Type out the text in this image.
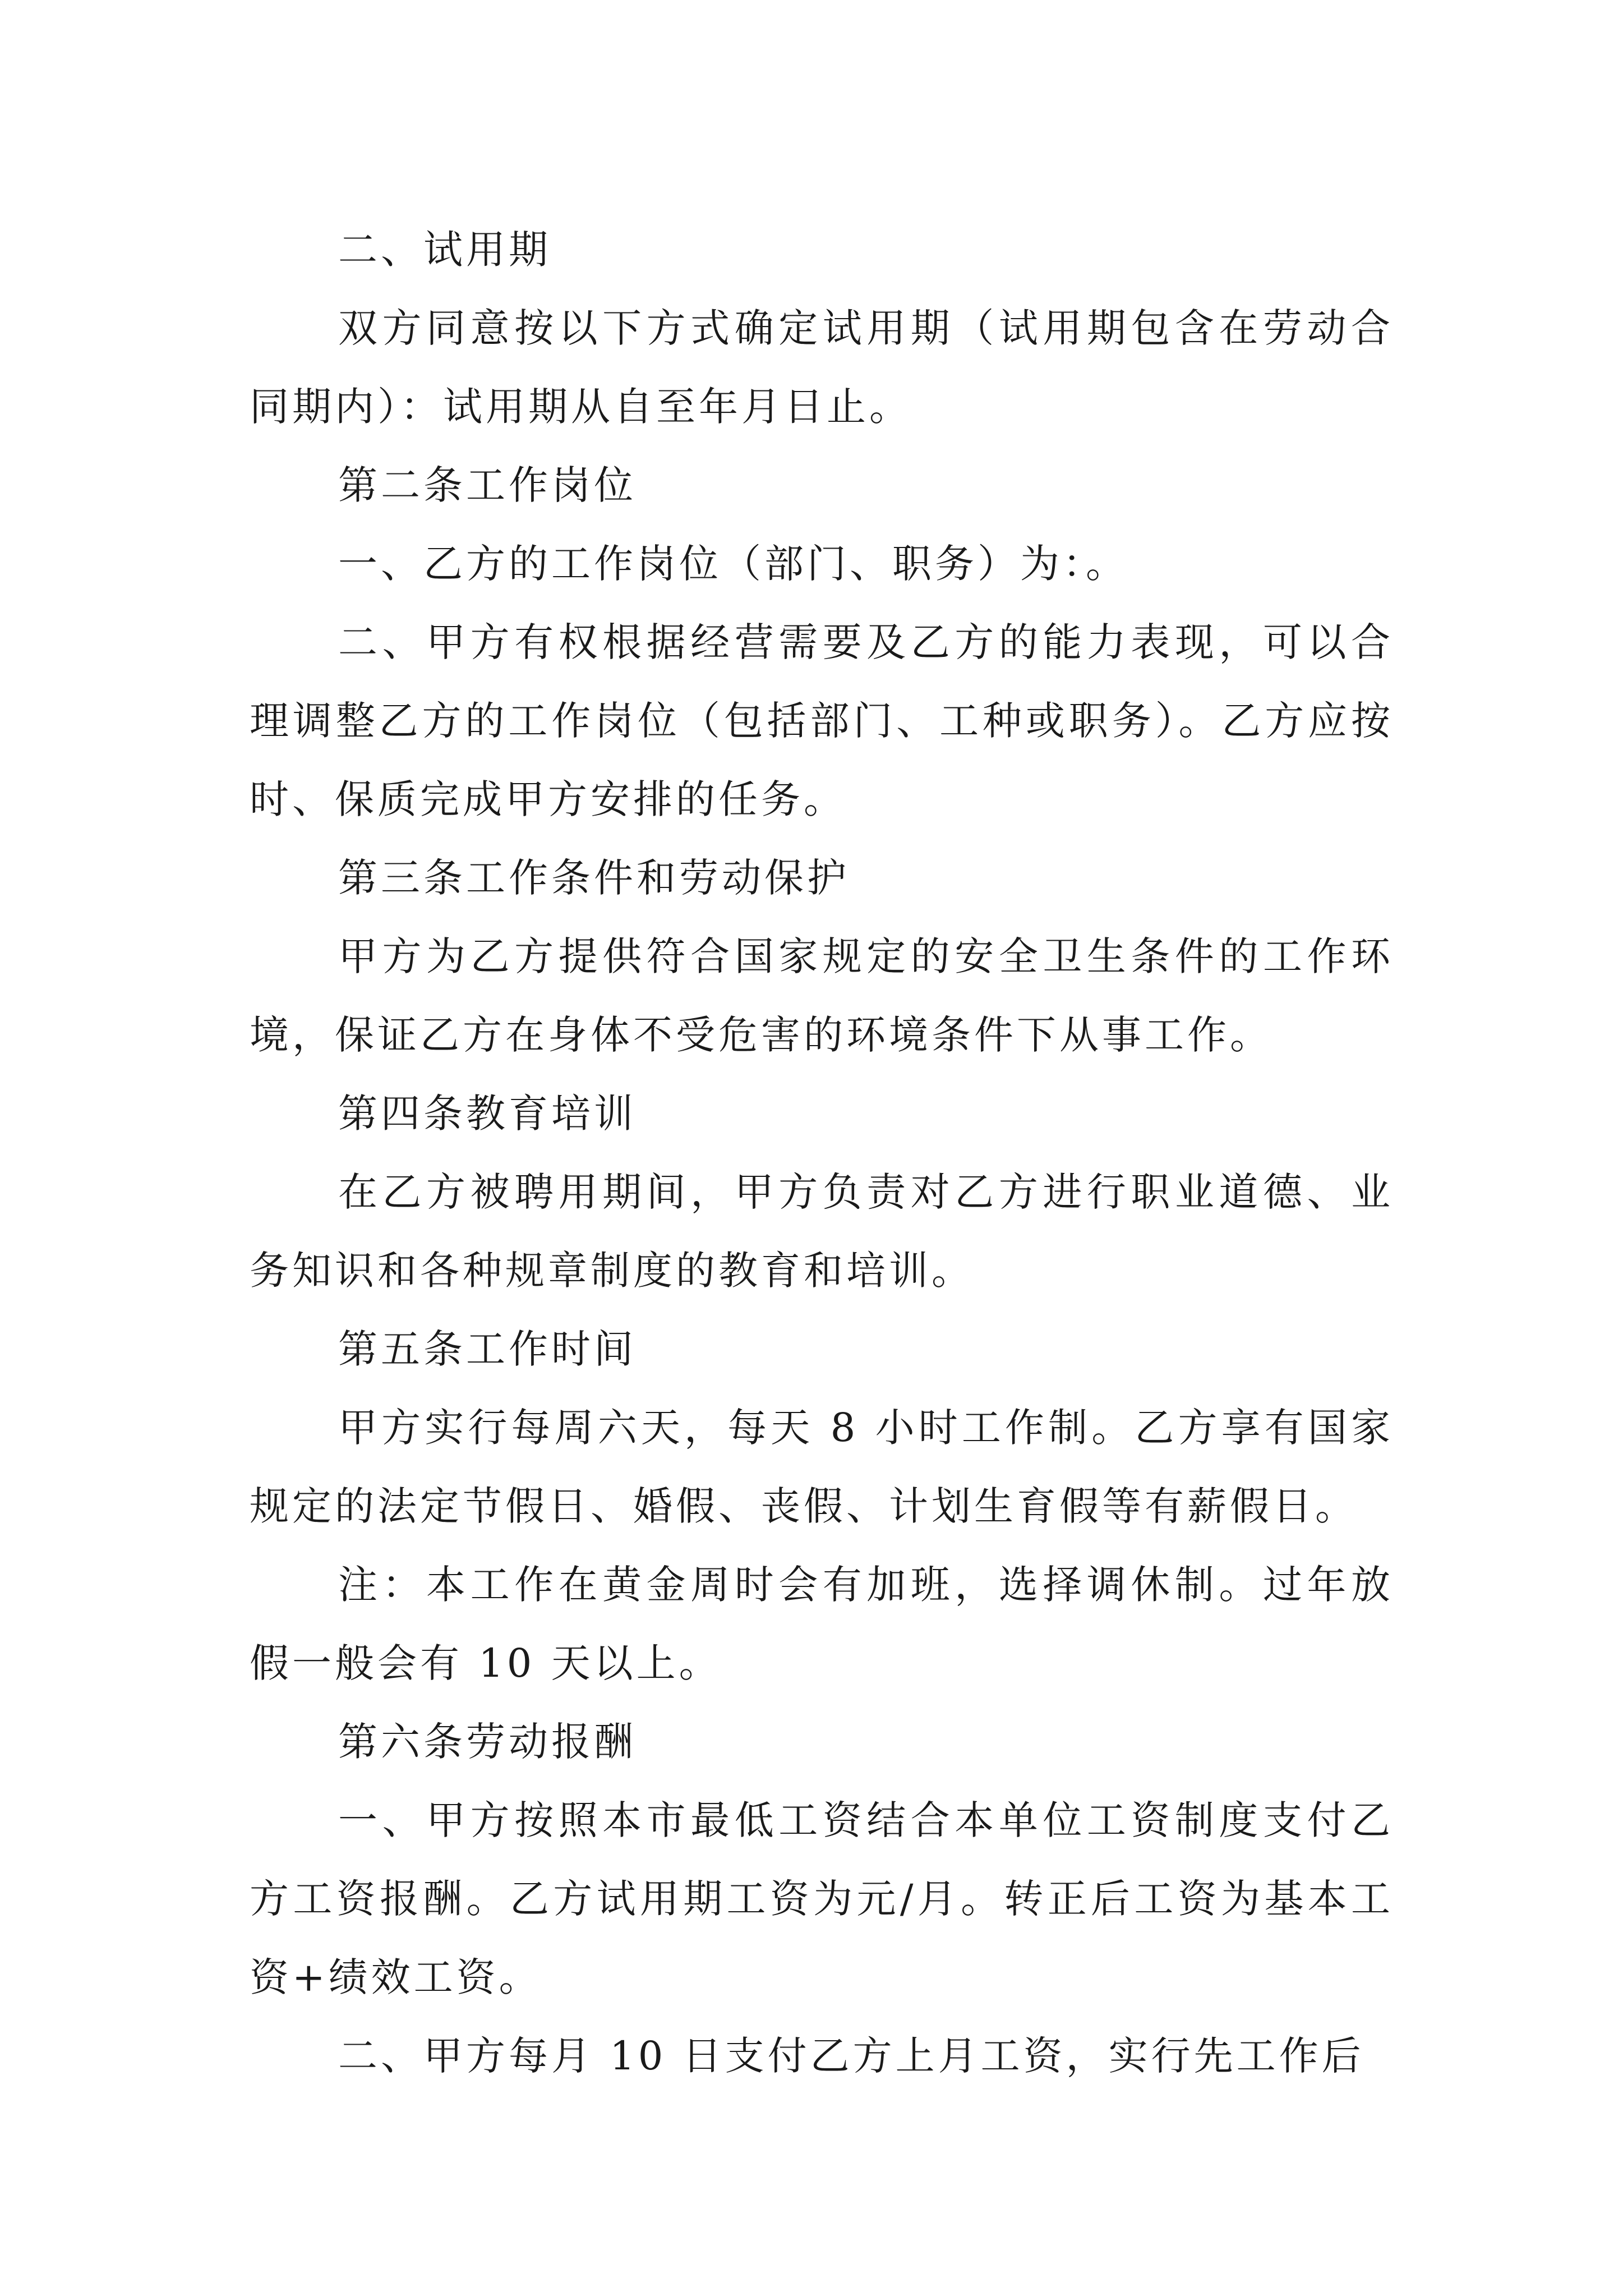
二、试用期

双方同意按以下方式确定试用期（试用期包含在劳动合同期内）：试用期从自至年月日止。

第二条工作岗位

一、乙方的工作岗位（部门、职务）为：。

二、甲方有权根据经营需要及乙方的能力表现，可以合理调整乙方的工作岗位（包括部门、工种或职务）。乙方应按时、保质完成甲方安排的任务。

第三条工作条件和劳动保护

甲方为乙方提供符合国家规定的安全卫生条件的工作环境，保证乙方在身体不受危害的环境条件下从事工作。

第四条教育培训

在乙方被聘用期间，甲方负责对乙方进行职业道德、业务知识和各种规章制度的教育和培训。

第五条工作时间

甲方实行每周六天，每天 8 小时工作制。乙方享有国家规定的法定节假日、婚假、丧假、计划生育假等有薪假日。

注：本工作在黄金周时会有加班，选择调休制。过年放假一般会有 10 天以上。

第六条劳动报酬

一、甲方按照本市最低工资结合本单位工资制度支付乙方工资报酬。乙方试用期工资为元/月。转正后工资为基本工资+绩效工资。

二、甲方每月 10 日支付乙方上月工资，实行先工作后
